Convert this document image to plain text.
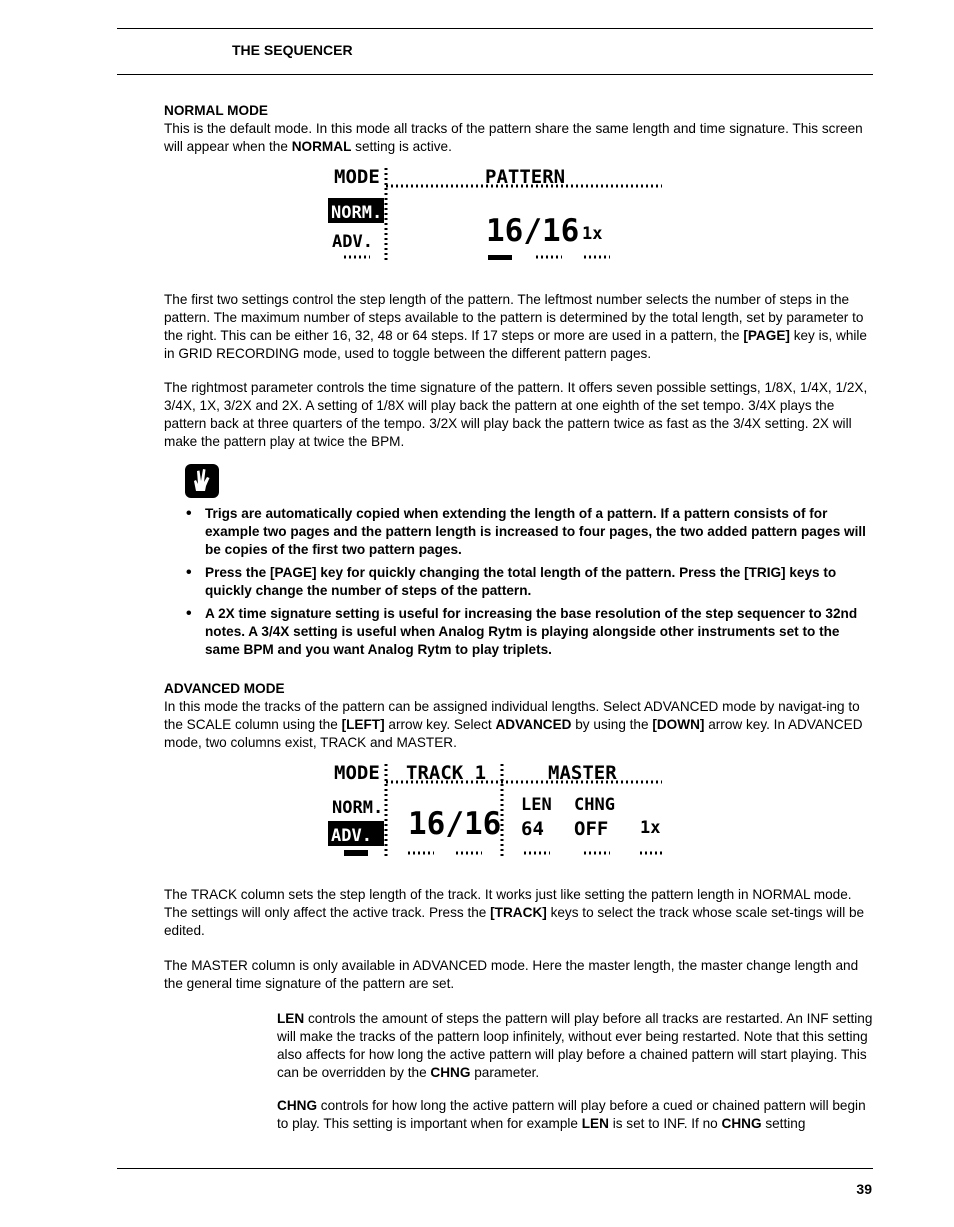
THE SEQUENCER

NORMAL MODE

This is the default mode. In this mode all tracks of the pattern share the same length and time signature. This screen will appear when the NORMAL setting is active.

MODE	PATTERN
NORM.
ADV.	16/16 1x

The first two settings control the step length of the pattern. The leftmost number selects the number of steps in the pattern. The maximum number of steps available to the pattern is determined by the total length, set by parameter to the right. This can be either 16, 32, 48 or 64 steps. If 17 steps or more are used in a pattern, the [PAGE] key is, while in GRID RECORDING mode, used to toggle between the different pattern pages.

The rightmost parameter controls the time signature of the pattern. It offers seven possible settings, 1/8X, 1/4X, 1/2X, 3/4X, 1X, 3/2X and 2X. A setting of 1/8X will play back the pattern at one eighth of the set tempo. 3/4X plays the pattern back at three quarters of the tempo. 3/2X will play back the pattern twice as fast as the 3/4X setting. 2X will make the pattern play at twice the BPM.

• Trigs are automatically copied when extending the length of a pattern. If a pattern consists of for example two pages and the pattern length is increased to four pages, the two added pattern pages will be copies of the first two pattern pages.
• Press the [PAGE] key for quickly changing the total length of the pattern. Press the [TRIG] keys to quickly change the number of steps of the pattern.
• A 2X time signature setting is useful for increasing the base resolution of the step sequencer to 32nd notes. A 3/4X setting is useful when Analog Rytm is playing alongside other instruments set to the same BPM and you want Analog Rytm to play triplets.

ADVANCED MODE

In this mode the tracks of the pattern can be assigned individual lengths. Select ADVANCED mode by navigat-ing to the SCALE column using the [LEFT] arrow key. Select ADVANCED by using the [DOWN] arrow key. In ADVANCED mode, two columns exist, TRACK and MASTER.

MODE TRACK 1	MASTER
NORM.
ADV. 16/16
LEN CHNG
64 OFF 1x

The TRACK column sets the step length of the track. It works just like setting the pattern length in NORMAL mode. The settings will only affect the active track. Press the [TRACK] keys to select the track whose scale set-tings will be edited.

The MASTER column is only available in ADVANCED mode. Here the master length, the master change length and the general time signature of the pattern are set.

LEN controls the amount of steps the pattern will play before all tracks are restarted. An INF setting will make the tracks of the pattern loop infinitely, without ever being restarted. Note that this setting also affects for how long the active pattern will play before a chained pattern will start playing. This can be overridden by the CHNG parameter.

CHNG controls for how long the active pattern will play before a cued or chained pattern will begin to play. This setting is important when for example LEN is set to INF. If no CHNG setting

39
